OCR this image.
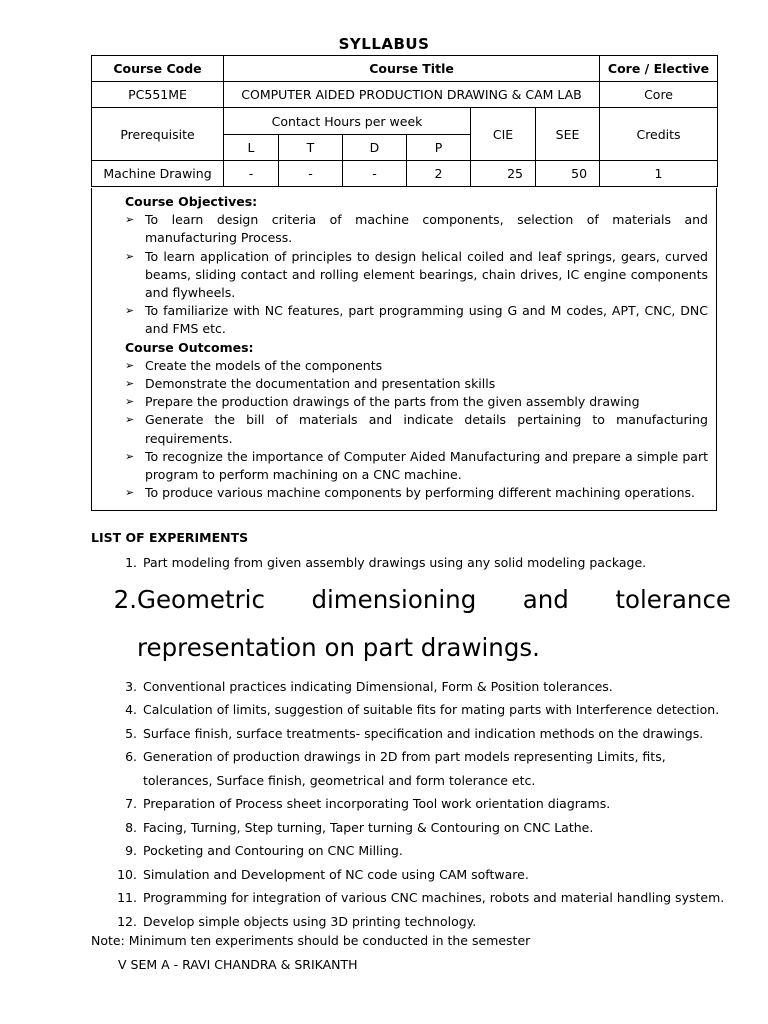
SYLLABUS
Course Code	Course Title						Core / Elective
PC551ME	COMPUTER AIDED PRODUCTION DRAWING & CAM LAB						Core
Prerequisite	Contact Hours per week				CIE	SEE	Credits
	L	T	D	P			
Machine Drawing	-	-	-	2	25	50	1
Course Objectives:
➢ To learn design criteria of machine components, selection of materials and manufacturing Process.
➢ To learn application of principles to design helical coiled and leaf springs, gears, curved beams, sliding contact and rolling element bearings, chain drives, IC engine components and flywheels.
➢ To familiarize with NC features, part programming using G and M codes, APT, CNC, DNC and FMS etc.
Course Outcomes:
➢ Create the models of the components
➢ Demonstrate the documentation and presentation skills
➢ Prepare the production drawings of the parts from the given assembly drawing
➢ Generate the bill of materials and indicate details pertaining to manufacturing requirements.
➢ To recognize the importance of Computer Aided Manufacturing and prepare a simple part program to perform machining on a CNC machine.
➢ To produce various machine components by performing different machining operations.
LIST OF EXPERIMENTS
1. Part modeling from given assembly drawings using any solid modeling package.
2. Geometric dimensioning and tolerance representation on part drawings.
3. Conventional practices indicating Dimensional, Form & Position tolerances.
4. Calculation of limits, suggestion of suitable fits for mating parts with Interference detection.
5. Surface finish, surface treatments- specification and indication methods on the drawings.
6. Generation of production drawings in 2D from part models representing Limits, fits, tolerances, Surface finish, geometrical and form tolerance etc.
7. Preparation of Process sheet incorporating Tool work orientation diagrams.
8. Facing, Turning, Step turning, Taper turning & Contouring on CNC Lathe.
9. Pocketing and Contouring on CNC Milling.
10. Simulation and Development of NC code using CAM software.
11. Programming for integration of various CNC machines, robots and material handling system.
12. Develop simple objects using 3D printing technology.
Note: Minimum ten experiments should be conducted in the semester
V SEM A - RAVI CHANDRA & SRIKANTH
